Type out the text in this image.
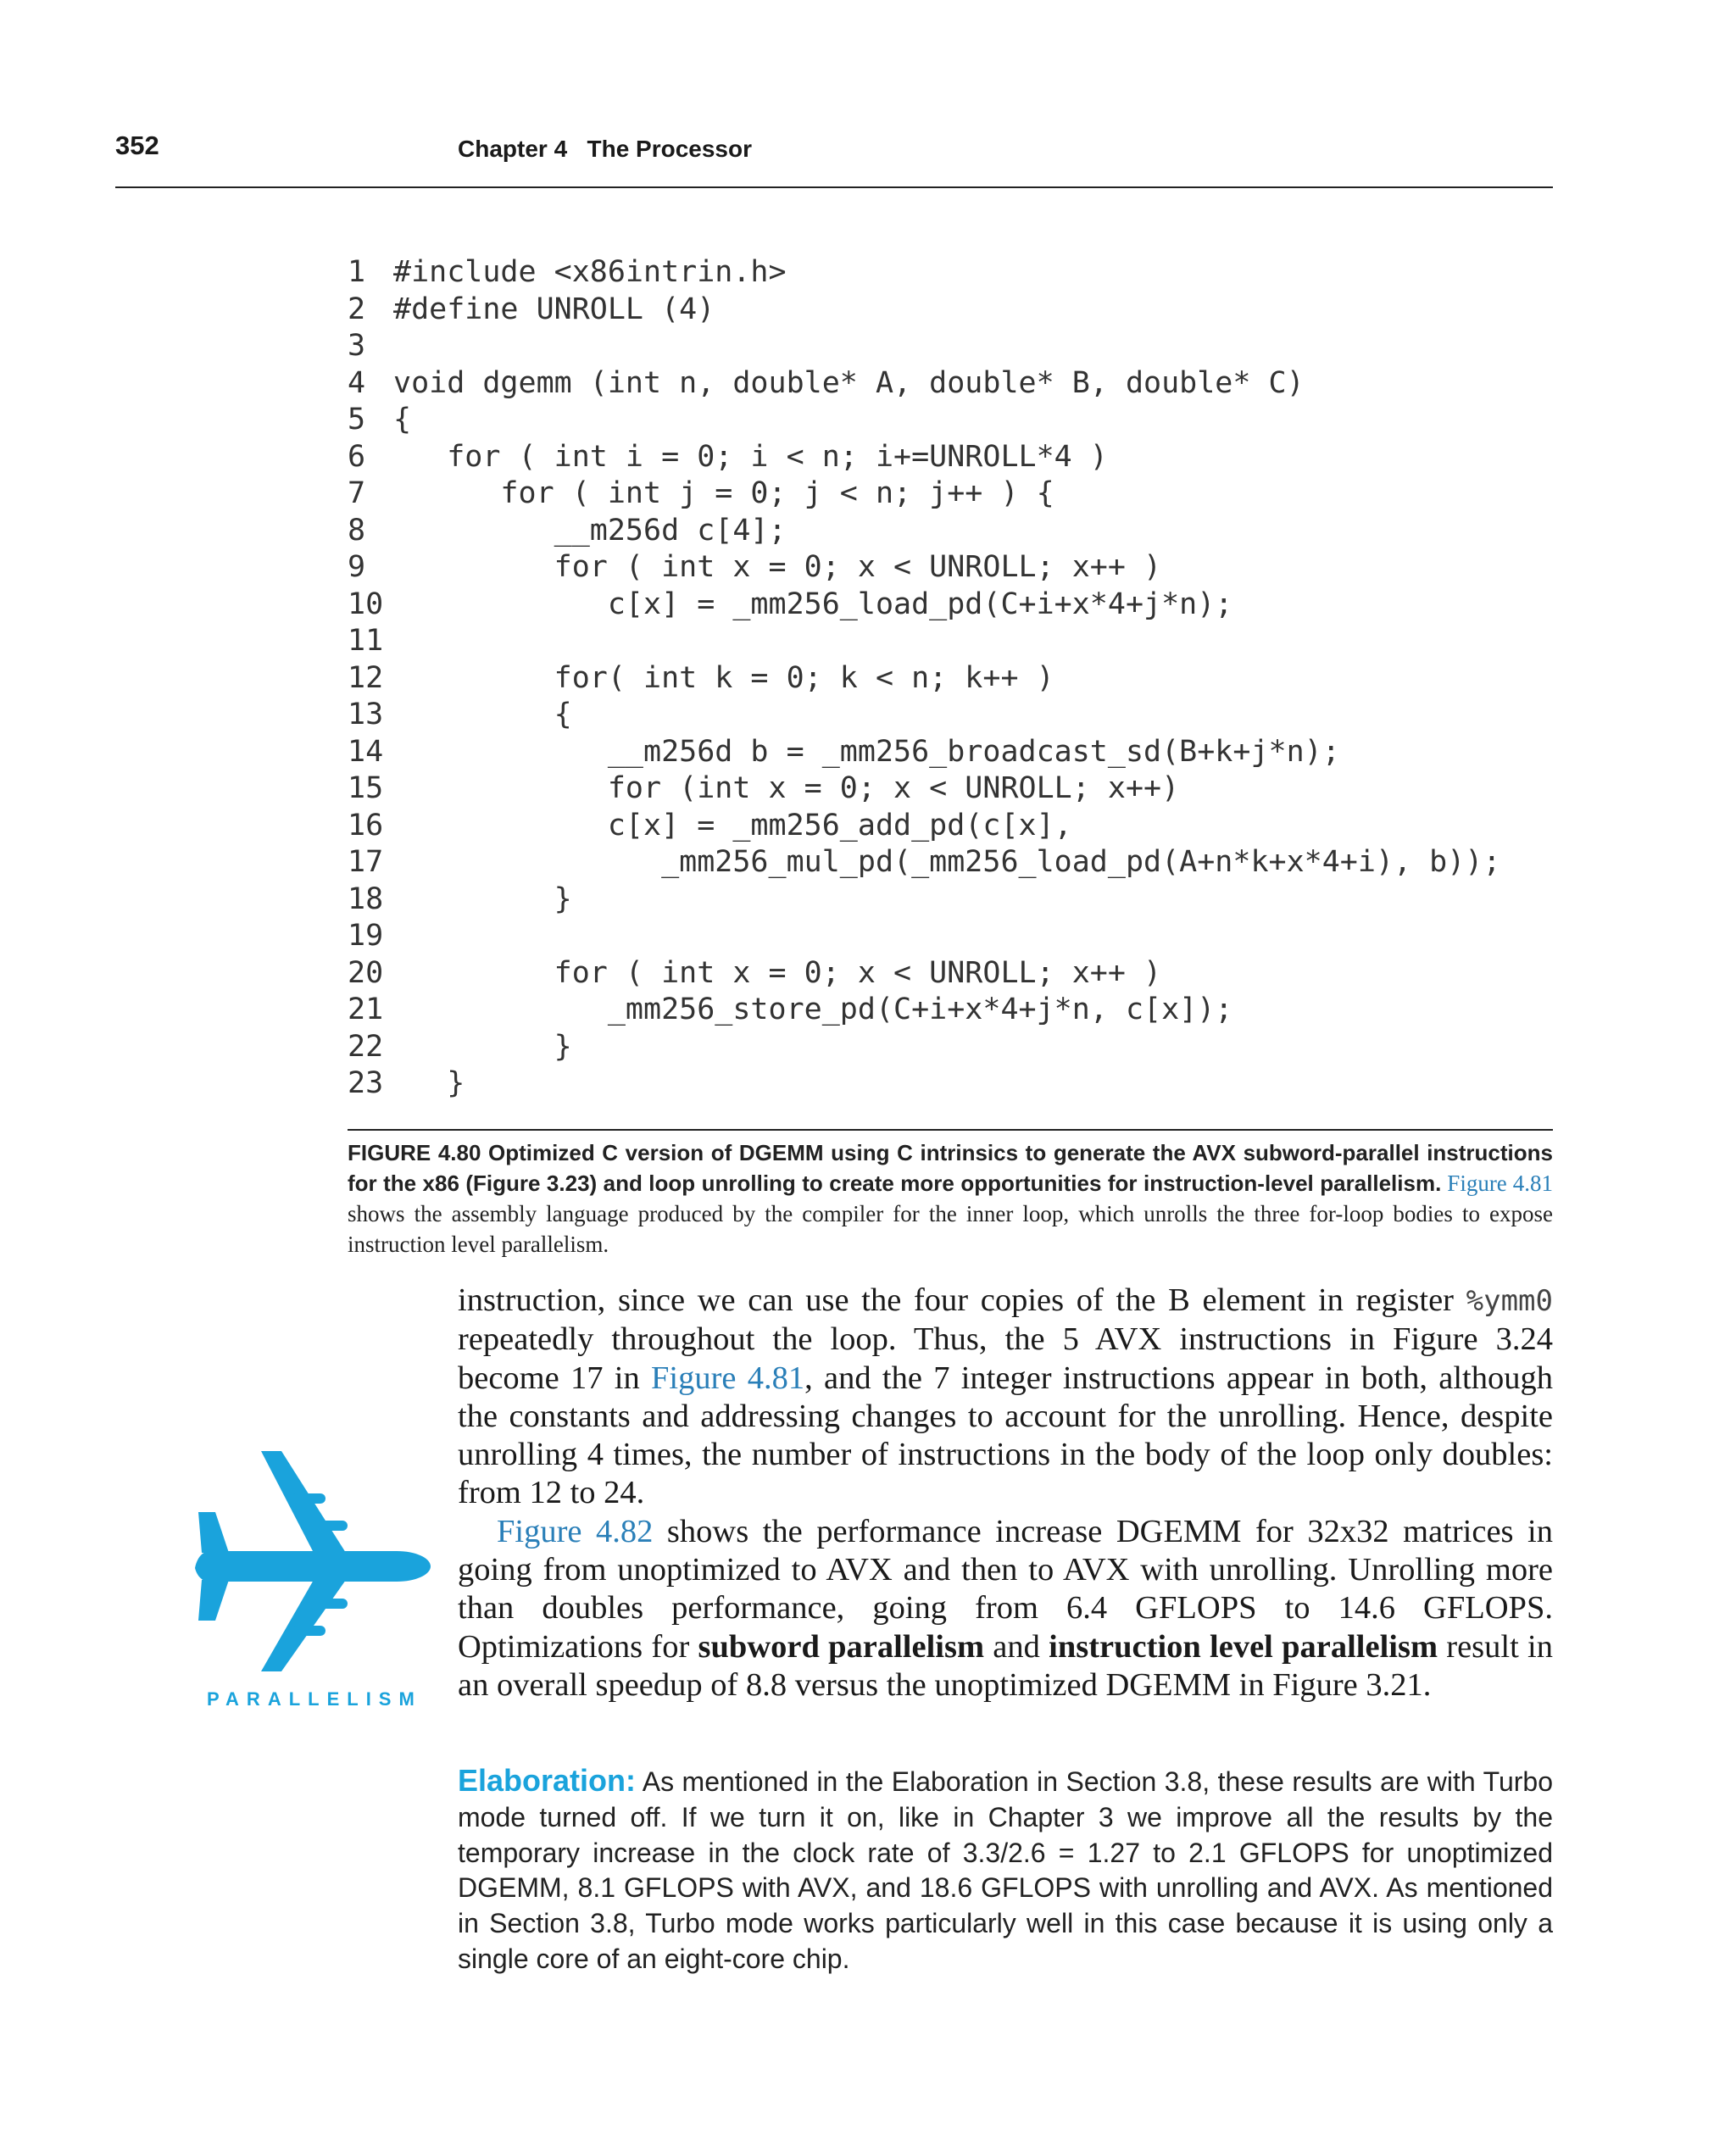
352	Chapter 4   The Processor
1 #include <x86intrin.h>
2 #define UNROLL (4)
3
4 void dgemm (int n, double* A, double* B, double* C)
5 {
6 for ( int i = 0; i < n; i+=UNROLL*4 )
7 for ( int j = 0; j < n; j++ ) {
8 __m256d c[4];
9 for ( int x = 0; x < UNROLL; x++ )
10 c[x] = _mm256_load_pd(C+i+x*4+j*n);
11
12 for( int k = 0; k < n; k++ )
13 {
14 __m256d b = _mm256_broadcast_sd(B+k+j*n);
15 for (int x = 0; x < UNROLL; x++)
16 c[x] = _mm256_add_pd(c[x],
17 _mm256_mul_pd(_mm256_load_pd(A+n*k+x*4+i), b));
18 }
19
20 for ( int x = 0; x < UNROLL; x++ )
21 _mm256_store_pd(C+i+x*4+j*n, c[x]);
22 }
23 }
FIGURE 4.80 Optimized C version of DGEMM using C intrinsics to generate the AVX subword-parallel instructions for the x86 (Figure 3.23) and loop unrolling to create more opportunities for instruction-level parallelism. Figure 4.81 shows the assembly language produced by the compiler for the inner loop, which unrolls the three for-loop bodies to expose instruction level parallelism.
PARALLELISM

instruction, since we can use the four copies of the B element in register %ymm0 repeatedly throughout the loop. Thus, the 5 AVX instructions in Figure 3.24 become 17 in Figure 4.81, and the 7 integer instructions appear in both, although the constants and addressing changes to account for the unrolling. Hence, despite unrolling 4 times, the number of instructions in the body of the loop only doubles: from 12 to 24.

Figure 4.82 shows the performance increase DGEMM for 32x32 matrices in going from unoptimized to AVX and then to AVX with unrolling. Unrolling more than doubles performance, going from 6.4 GFLOPS to 14.6 GFLOPS. Optimizations for subword parallelism and instruction level parallelism result in an overall speedup of 8.8 versus the unoptimized DGEMM in Figure 3.21.

Elaboration: As mentioned in the Elaboration in Section 3.8, these results are with Turbo mode turned off. If we turn it on, like in Chapter 3 we improve all the results by the temporary increase in the clock rate of 3.3/2.6 = 1.27 to 2.1 GFLOPS for unoptimized DGEMM, 8.1 GFLOPS with AVX, and 18.6 GFLOPS with unrolling and AVX. As mentioned in Section 3.8, Turbo mode works particularly well in this case because it is using only a single core of an eight-core chip.
